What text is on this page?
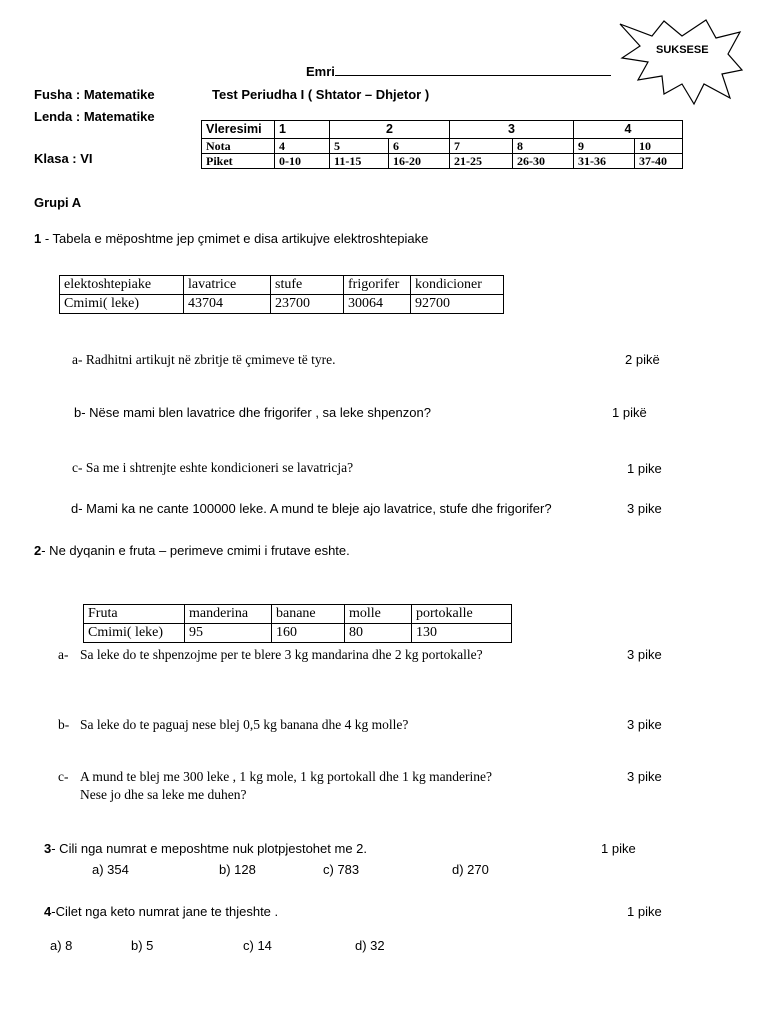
SUKSESE
Emri
Fusha : Matematike	Test Periudha I ( Shtator – Dhjetor )
Lenda : Matematike
Klasa : VI
Vleresimi	1	2		3		4	
Nota	4	5	6	7	8	9	10
Piket	0-10	11-15	16-20	21-25	26-30	31-36	37-40
Grupi A
1 - Tabela e mëposhtme jep çmimet e disa artikujve elektroshtepiake
elektoshtepiake	lavatrice	stufe	frigorifer	kondicioner
Cmimi( leke)	43704	23700	30064	92700
a- Radhitni artikujt në zbritje të çmimeve të tyre.	2 pikë
b- Nëse mami blen lavatrice dhe frigorifer , sa leke shpenzon?	1 pikë
c- Sa me i shtrenjte eshte kondicioneri se lavatricja?	1 pike
d- Mami ka ne cante 100000 leke. A mund te bleje ajo lavatrice, stufe dhe frigorifer?	3 pike
2- Ne dyqanin e fruta – perimeve cmimi i frutave eshte.
Fruta	manderina	banane	molle	portokalle
Cmimi( leke)	95	160	80	130
a- Sa leke do te shpenzojme per te blere 3 kg mandarina dhe 2 kg portokalle?	3 pike
b- Sa leke do te paguaj nese blej 0,5 kg banana dhe 4 kg molle?	3 pike
c- A mund te blej me 300 leke , 1 kg mole, 1 kg portokall dhe 1 kg manderine?
Nese jo dhe sa leke me duhen?
3 pike
3- Cili nga numrat e meposhtme nuk plotpjestohet me 2.	1 pike
a) 354	b) 128	c) 783	d) 270
4-Cilet nga keto numrat jane te thjeshte .	1 pike
a) 8	b) 5	c) 14	d) 32
